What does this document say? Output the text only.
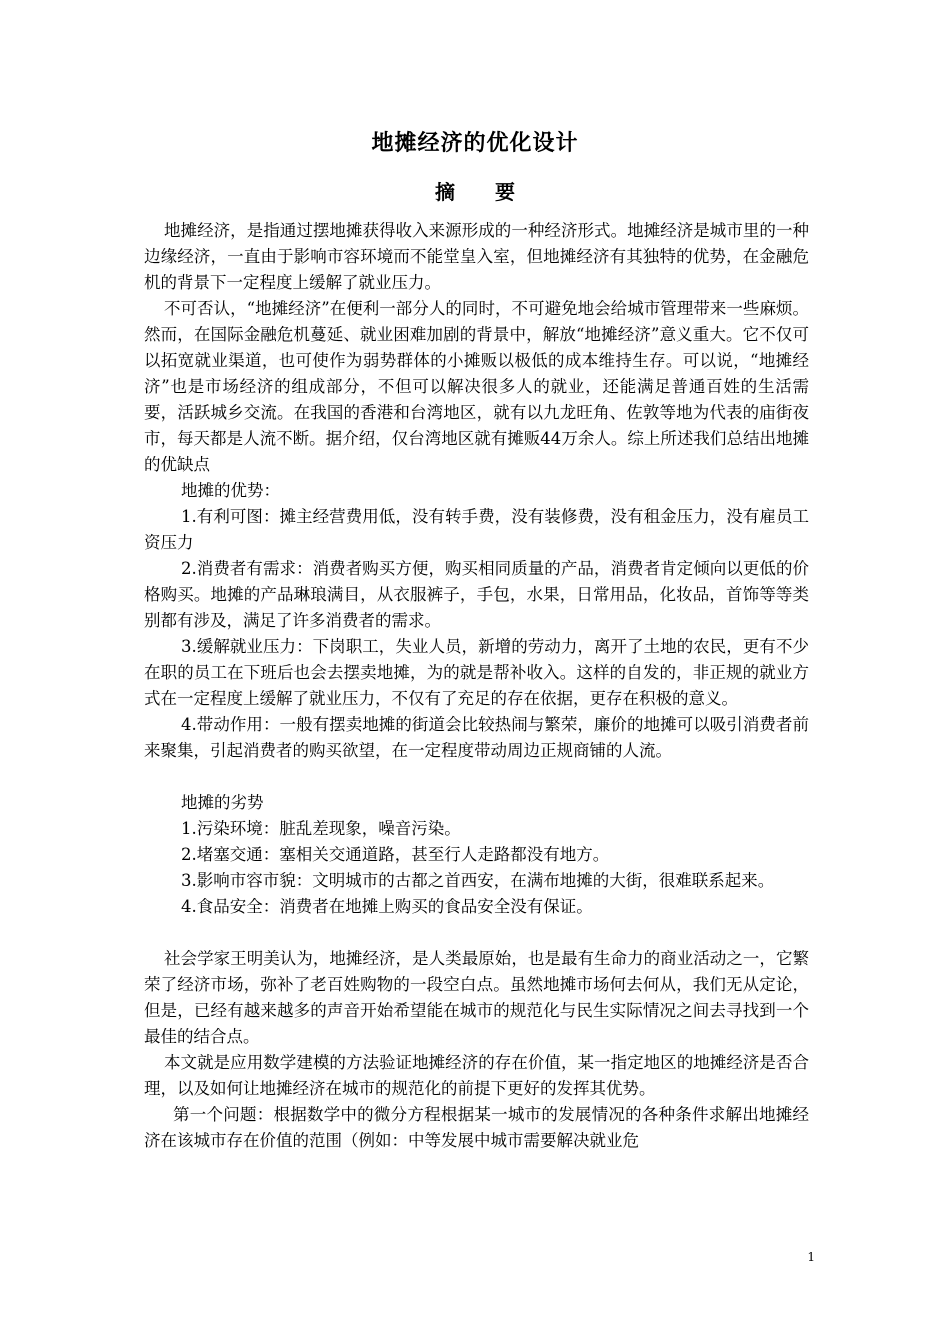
地摊经济的优化设计
摘要

地摊经济，是指通过摆地摊获得收入来源形成的一种经济形式。地摊经济是城市里的一种边缘经济，一直由于影响市容环境而不能堂皇入室，但地摊经济有其独特的优势，在金融危机的背景下一定程度上缓解了就业压力。

不可否认，“地摊经济”在便利一部分人的同时，不可避免地会给城市管理带来一些麻烦。然而，在国际金融危机蔓延、就业困难加剧的背景中，解放“地摊经济”意义重大。它不仅可以拓宽就业渠道，也可使作为弱势群体的小摊贩以极低的成本维持生存。可以说，“地摊经济”也是市场经济的组成部分，不但可以解决很多人的就业，还能满足普通百姓的生活需要，活跃城乡交流。在我国的香港和台湾地区，就有以九龙旺角、佐敦等地为代表的庙街夜市，每天都是人流不断。据介绍，仅台湾地区就有摊贩44万余人。综上所述我们总结出地摊的优缺点

地摊的优势：

1.有利可图：摊主经营费用低，没有转手费，没有装修费，没有租金压力，没有雇员工资压力

2.消费者有需求：消费者购买方便，购买相同质量的产品，消费者肯定倾向以更低的价格购买。地摊的产品琳琅满目，从衣服裤子，手包，水果，日常用品，化妆品，首饰等等类别都有涉及，满足了许多消费者的需求。

3.缓解就业压力：下岗职工，失业人员，新增的劳动力，离开了土地的农民，更有不少在职的员工在下班后也会去摆卖地摊，为的就是帮补收入。这样的自发的，非正规的就业方式在一定程度上缓解了就业压力，不仅有了充足的存在依据，更存在积极的意义。

4.带动作用：一般有摆卖地摊的街道会比较热闹与繁荣，廉价的地摊可以吸引消费者前来聚集，引起消费者的购买欲望，在一定程度带动周边正规商铺的人流。

地摊的劣势

1.污染环境：脏乱差现象，噪音污染。

2.堵塞交通：塞相关交通道路，甚至行人走路都没有地方。

3.影响市容市貌：文明城市的古都之首西安，在满布地摊的大街，很难联系起来。

4.食品安全：消费者在地摊上购买的食品安全没有保证。

社会学家王明美认为，地摊经济，是人类最原始，也是最有生命力的商业活动之一，它繁荣了经济市场，弥补了老百姓购物的一段空白点。虽然地摊市场何去何从，我们无从定论，但是，已经有越来越多的声音开始希望能在城市的规范化与民生实际情况之间去寻找到一个最佳的结合点。

本文就是应用数学建模的方法验证地摊经济的存在价值，某一指定地区的地摊经济是否合理，以及如何让地摊经济在城市的规范化的前提下更好的发挥其优势。

第一个问题：根据数学中的微分方程根据某一城市的发展情况的各种条件求解出地摊经济在该城市存在价值的范围（例如：中等发展中城市需要解决就业危

1
